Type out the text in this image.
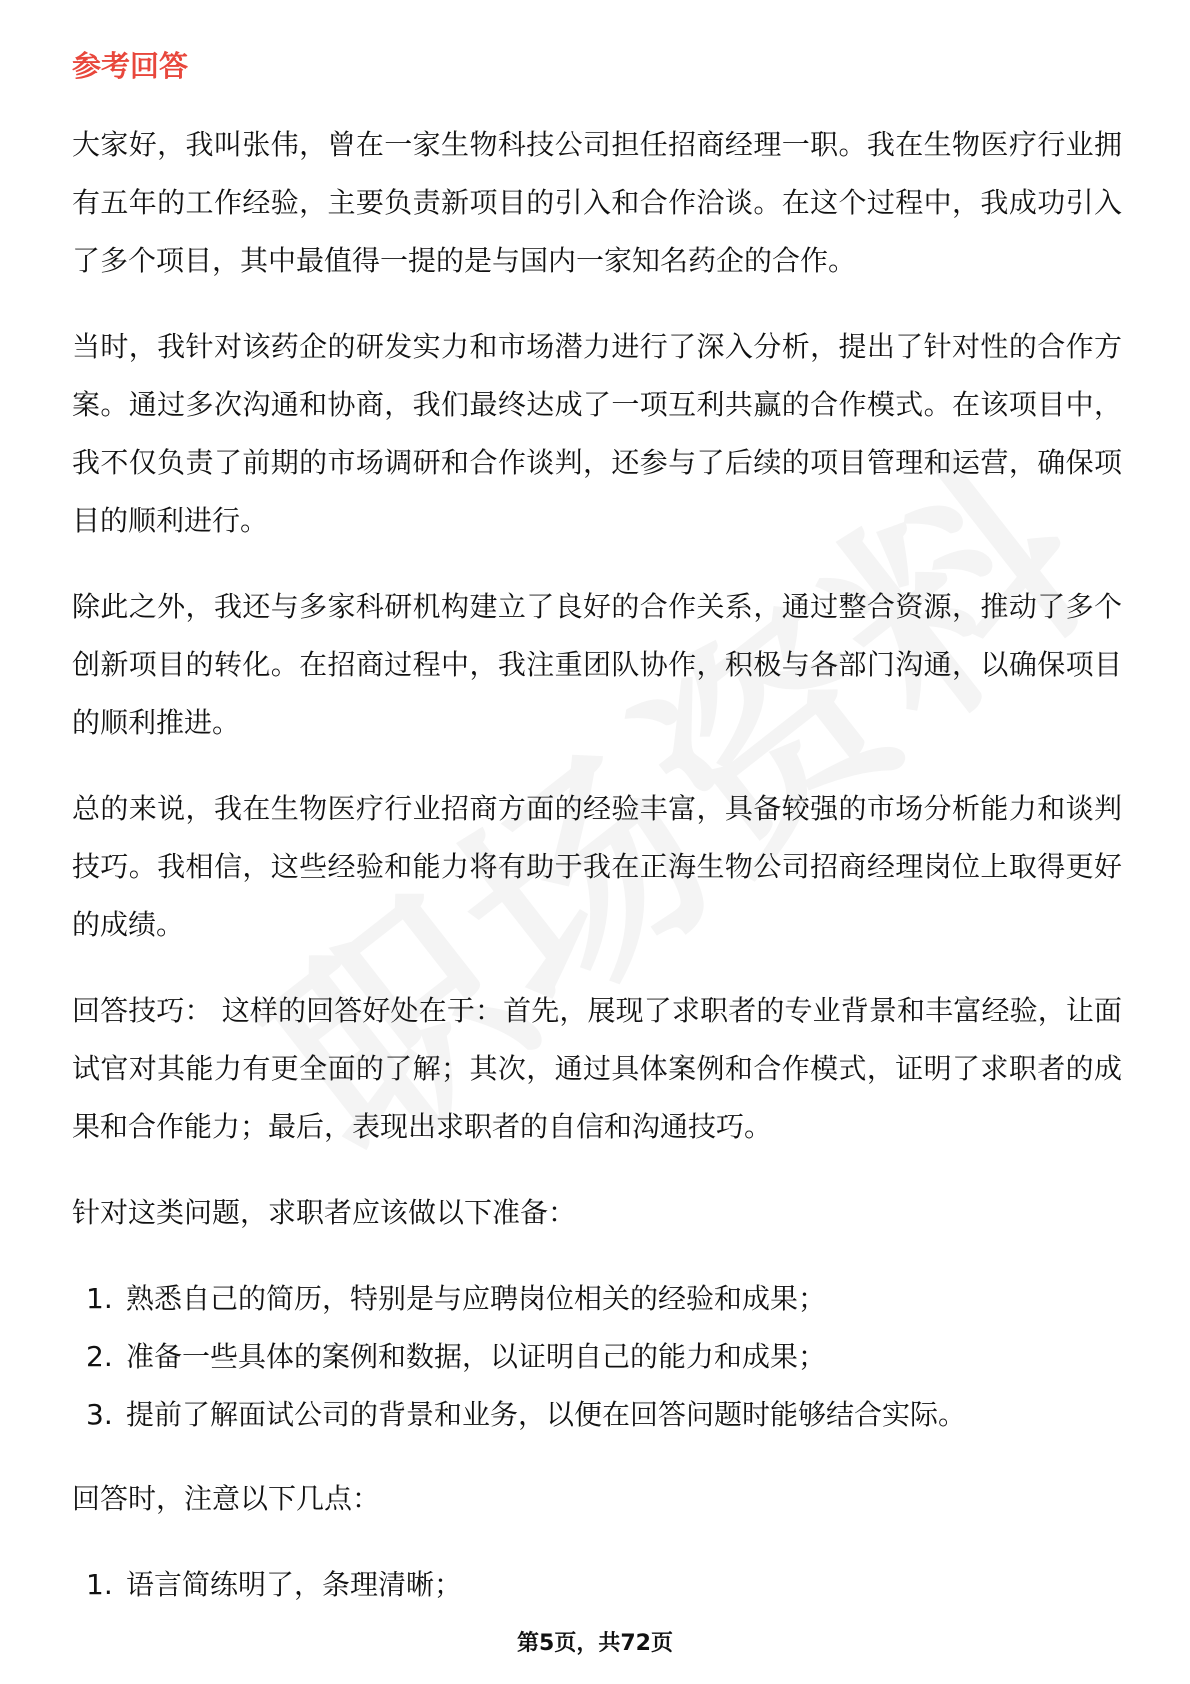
参考回答

大家好，我叫张伟，曾在一家生物科技公司担任招商经理一职。我在生物医疗行业拥有五年的工作经验，主要负责新项目的引入和合作洽谈。在这个过程中，我成功引入了多个项目，其中最值得一提的是与国内一家知名药企的合作。

当时，我针对该药企的研发实力和市场潜力进行了深入分析，提出了针对性的合作方案。通过多次沟通和协商，我们最终达成了一项互利共赢的合作模式。在该项目中，我不仅负责了前期的市场调研和合作谈判，还参与了后续的项目管理和运营，确保项目的顺利进行。

除此之外，我还与多家科研机构建立了良好的合作关系，通过整合资源，推动了多个创新项目的转化。在招商过程中，我注重团队协作，积极与各部门沟通，以确保项目的顺利推进。

总的来说，我在生物医疗行业招商方面的经验丰富，具备较强的市场分析能力和谈判技巧。我相信，这些经验和能力将有助于我在正海生物公司招商经理岗位上取得更好的成绩。

回答技巧： 这样的回答好处在于：首先，展现了求职者的专业背景和丰富经验，让面试官对其能力有更全面的了解；其次，通过具体案例和合作模式，证明了求职者的成果和合作能力；最后，表现出求职者的自信和沟通技巧。

针对这类问题，求职者应该做以下准备：

1. 熟悉自己的简历，特别是与应聘岗位相关的经验和成果；
2. 准备一些具体的案例和数据，以证明自己的能力和成果；
3. 提前了解面试公司的背景和业务，以便在回答问题时能够结合实际。

回答时，注意以下几点：

1. 语言简练明了，条理清晰；
第5页，共72页
